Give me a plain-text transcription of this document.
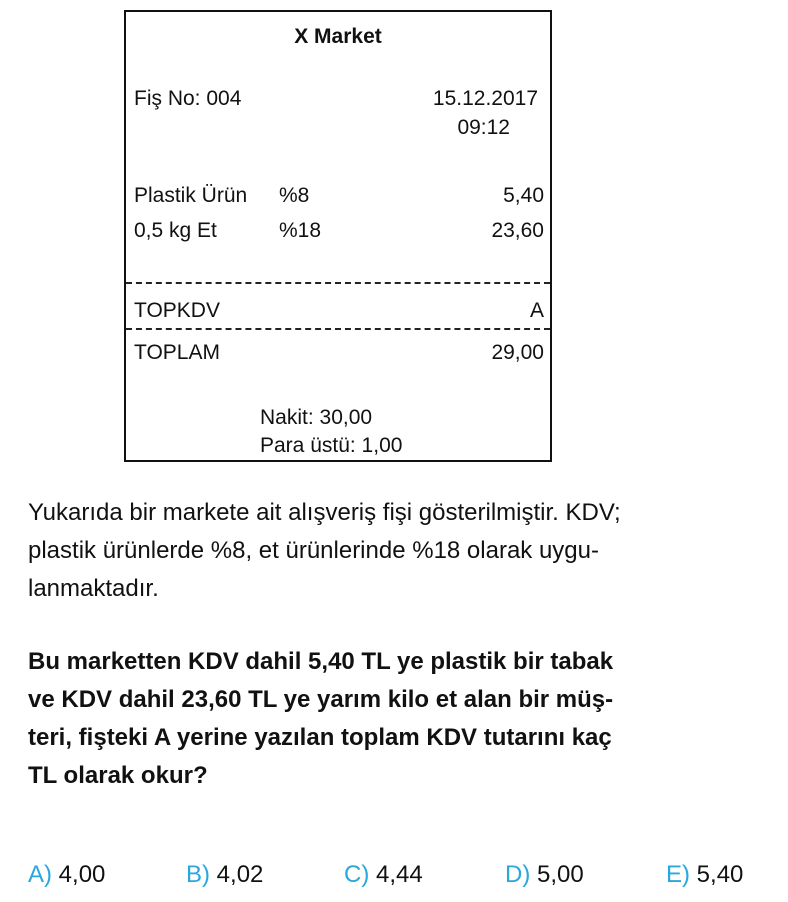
X Market
Fiş No: 004	15.12.2017
09:12
Plastik Ürün %8	5,40
0,5 kg Et	%18	23,60
TOPKDV	A
TOPLAM	29,00
Nakit: 30,00
Para üstü: 1,00
Yukarıda bir markete ait alışveriş fişi gösterilmiştir. KDV;
plastik ürünlerde %8, et ürünlerinde %18 olarak uygu-
lanmaktadır.
Bu marketten KDV dahil 5,40 TL ye plastik bir tabak
ve KDV dahil 23,60 TL ye yarım kilo et alan bir müş-
teri, fişteki A yerine yazılan toplam KDV tutarını kaç
TL olarak okur?
A) 4,00	B) 4,02	C) 4,44	D) 5,00	E) 5,40
